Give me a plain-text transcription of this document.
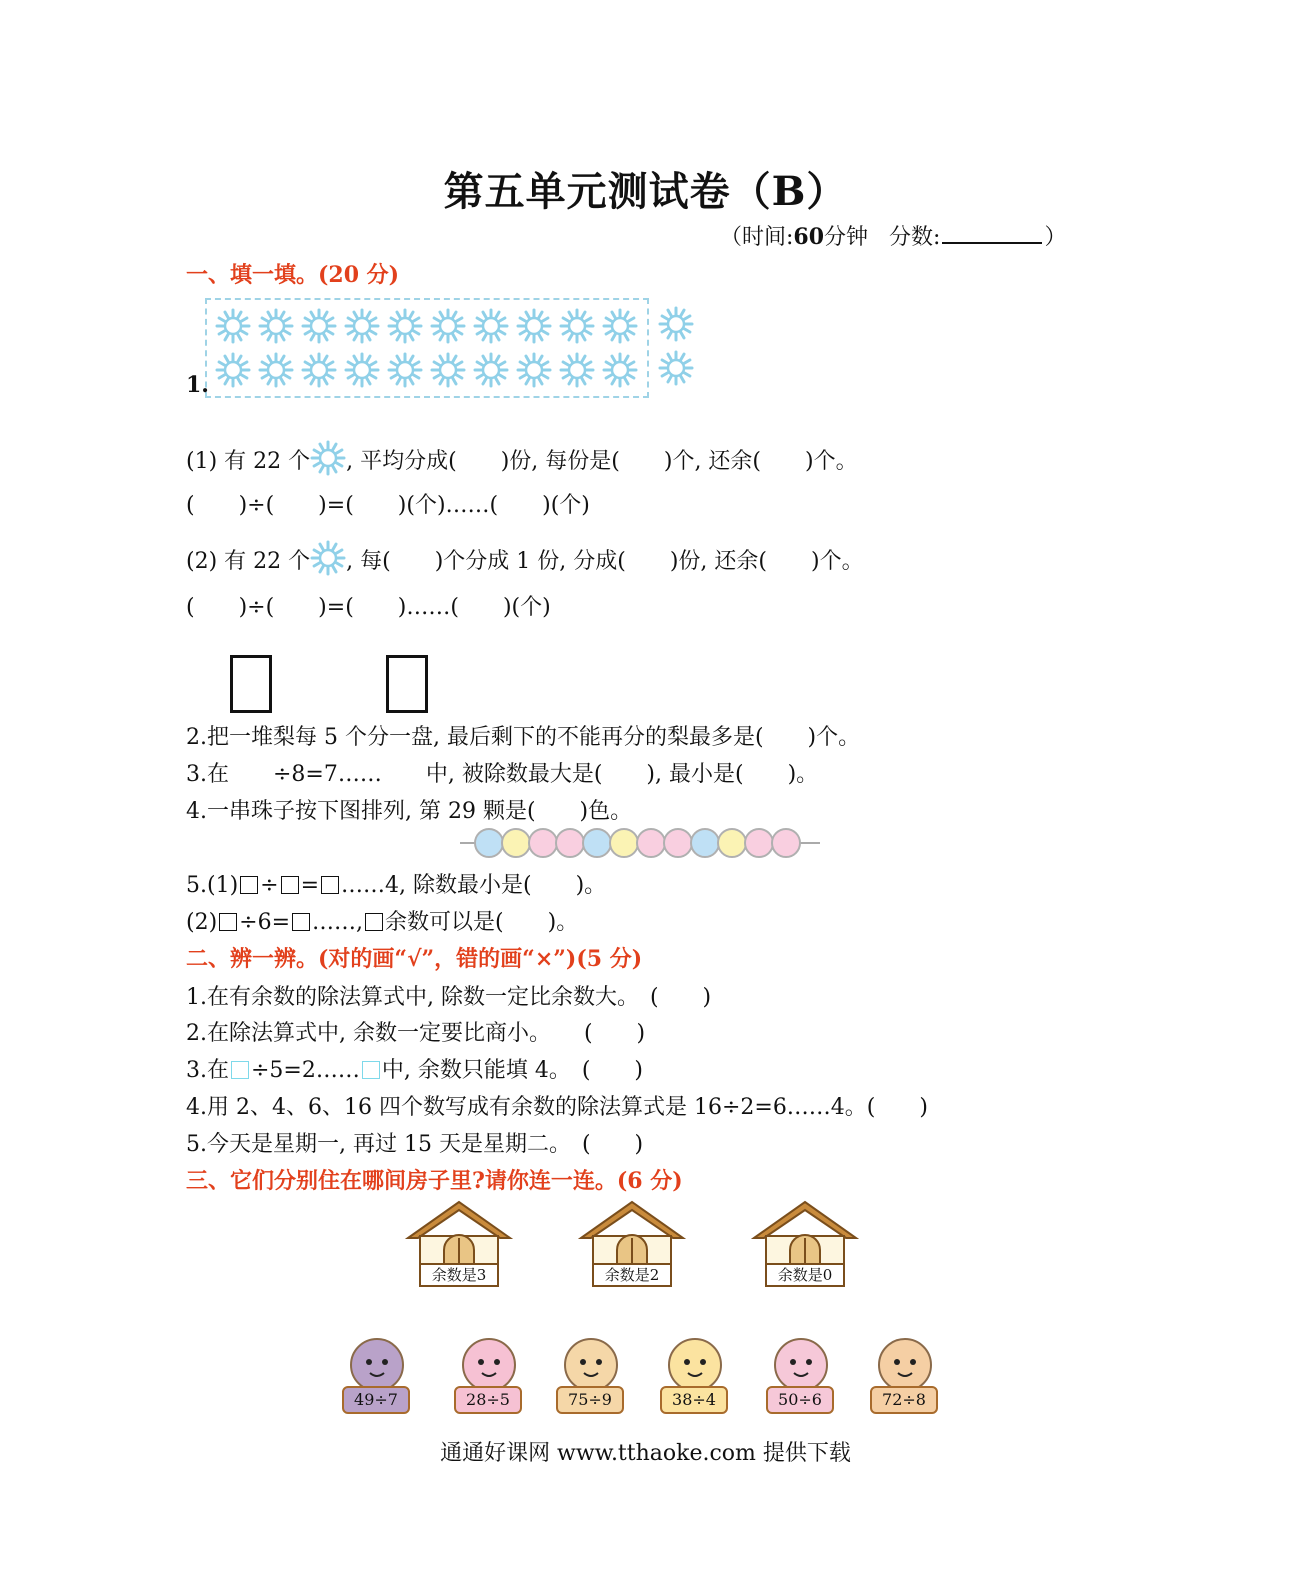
第五单元测试卷（B）
（时间:60分钟 分数:	）
一、填一填。(20 分)
1.
(1) 有 22 个 , 平均分成(　　)份, 每份是(　　)个, 还余(　　)个。
(　　)÷(　　)=(　　)(个)……(　　)(个)
(2) 有 22 个 , 每(　　)个分成 1 份, 分成(　　)份, 还余(　　)个。
(　　)÷(　　)=(　　)……(　　)(个)
2.把一堆梨每 5 个分一盘, 最后剩下的不能再分的梨最多是(　　)个。
3.在　　÷8=7……　　中, 被除数最大是(　　), 最小是(　　)。
4.一串珠子按下图排列, 第 29 颗是(　　)色。
5.(1) ÷ = ……4, 除数最小是(　　)。
(2) ÷6= ……, 余数可以是(　　)。
二、辨一辨。(对的画“√”，错的画“×”)(5 分)
1.在有余数的除法算式中, 除数一定比余数大。　(　　)
2.在除法算式中, 余数一定要比商小。　　(　　)
3.在 ÷5=2…… 中, 余数只能填 4。　(　　)
4.用 2、4、6、16 四个数写成有余数的除法算式是 16÷2=6……4。(　　)
5.今天是星期一, 再过 15 天是星期二。　(　　)
三、它们分别住在哪间房子里?请你连一连。(6 分)
余数是3	余数是2	余数是0
49÷7	28÷5	75÷9	38÷4	50÷6	72÷8
通通好课网 www.tthaoke.com 提供下载
